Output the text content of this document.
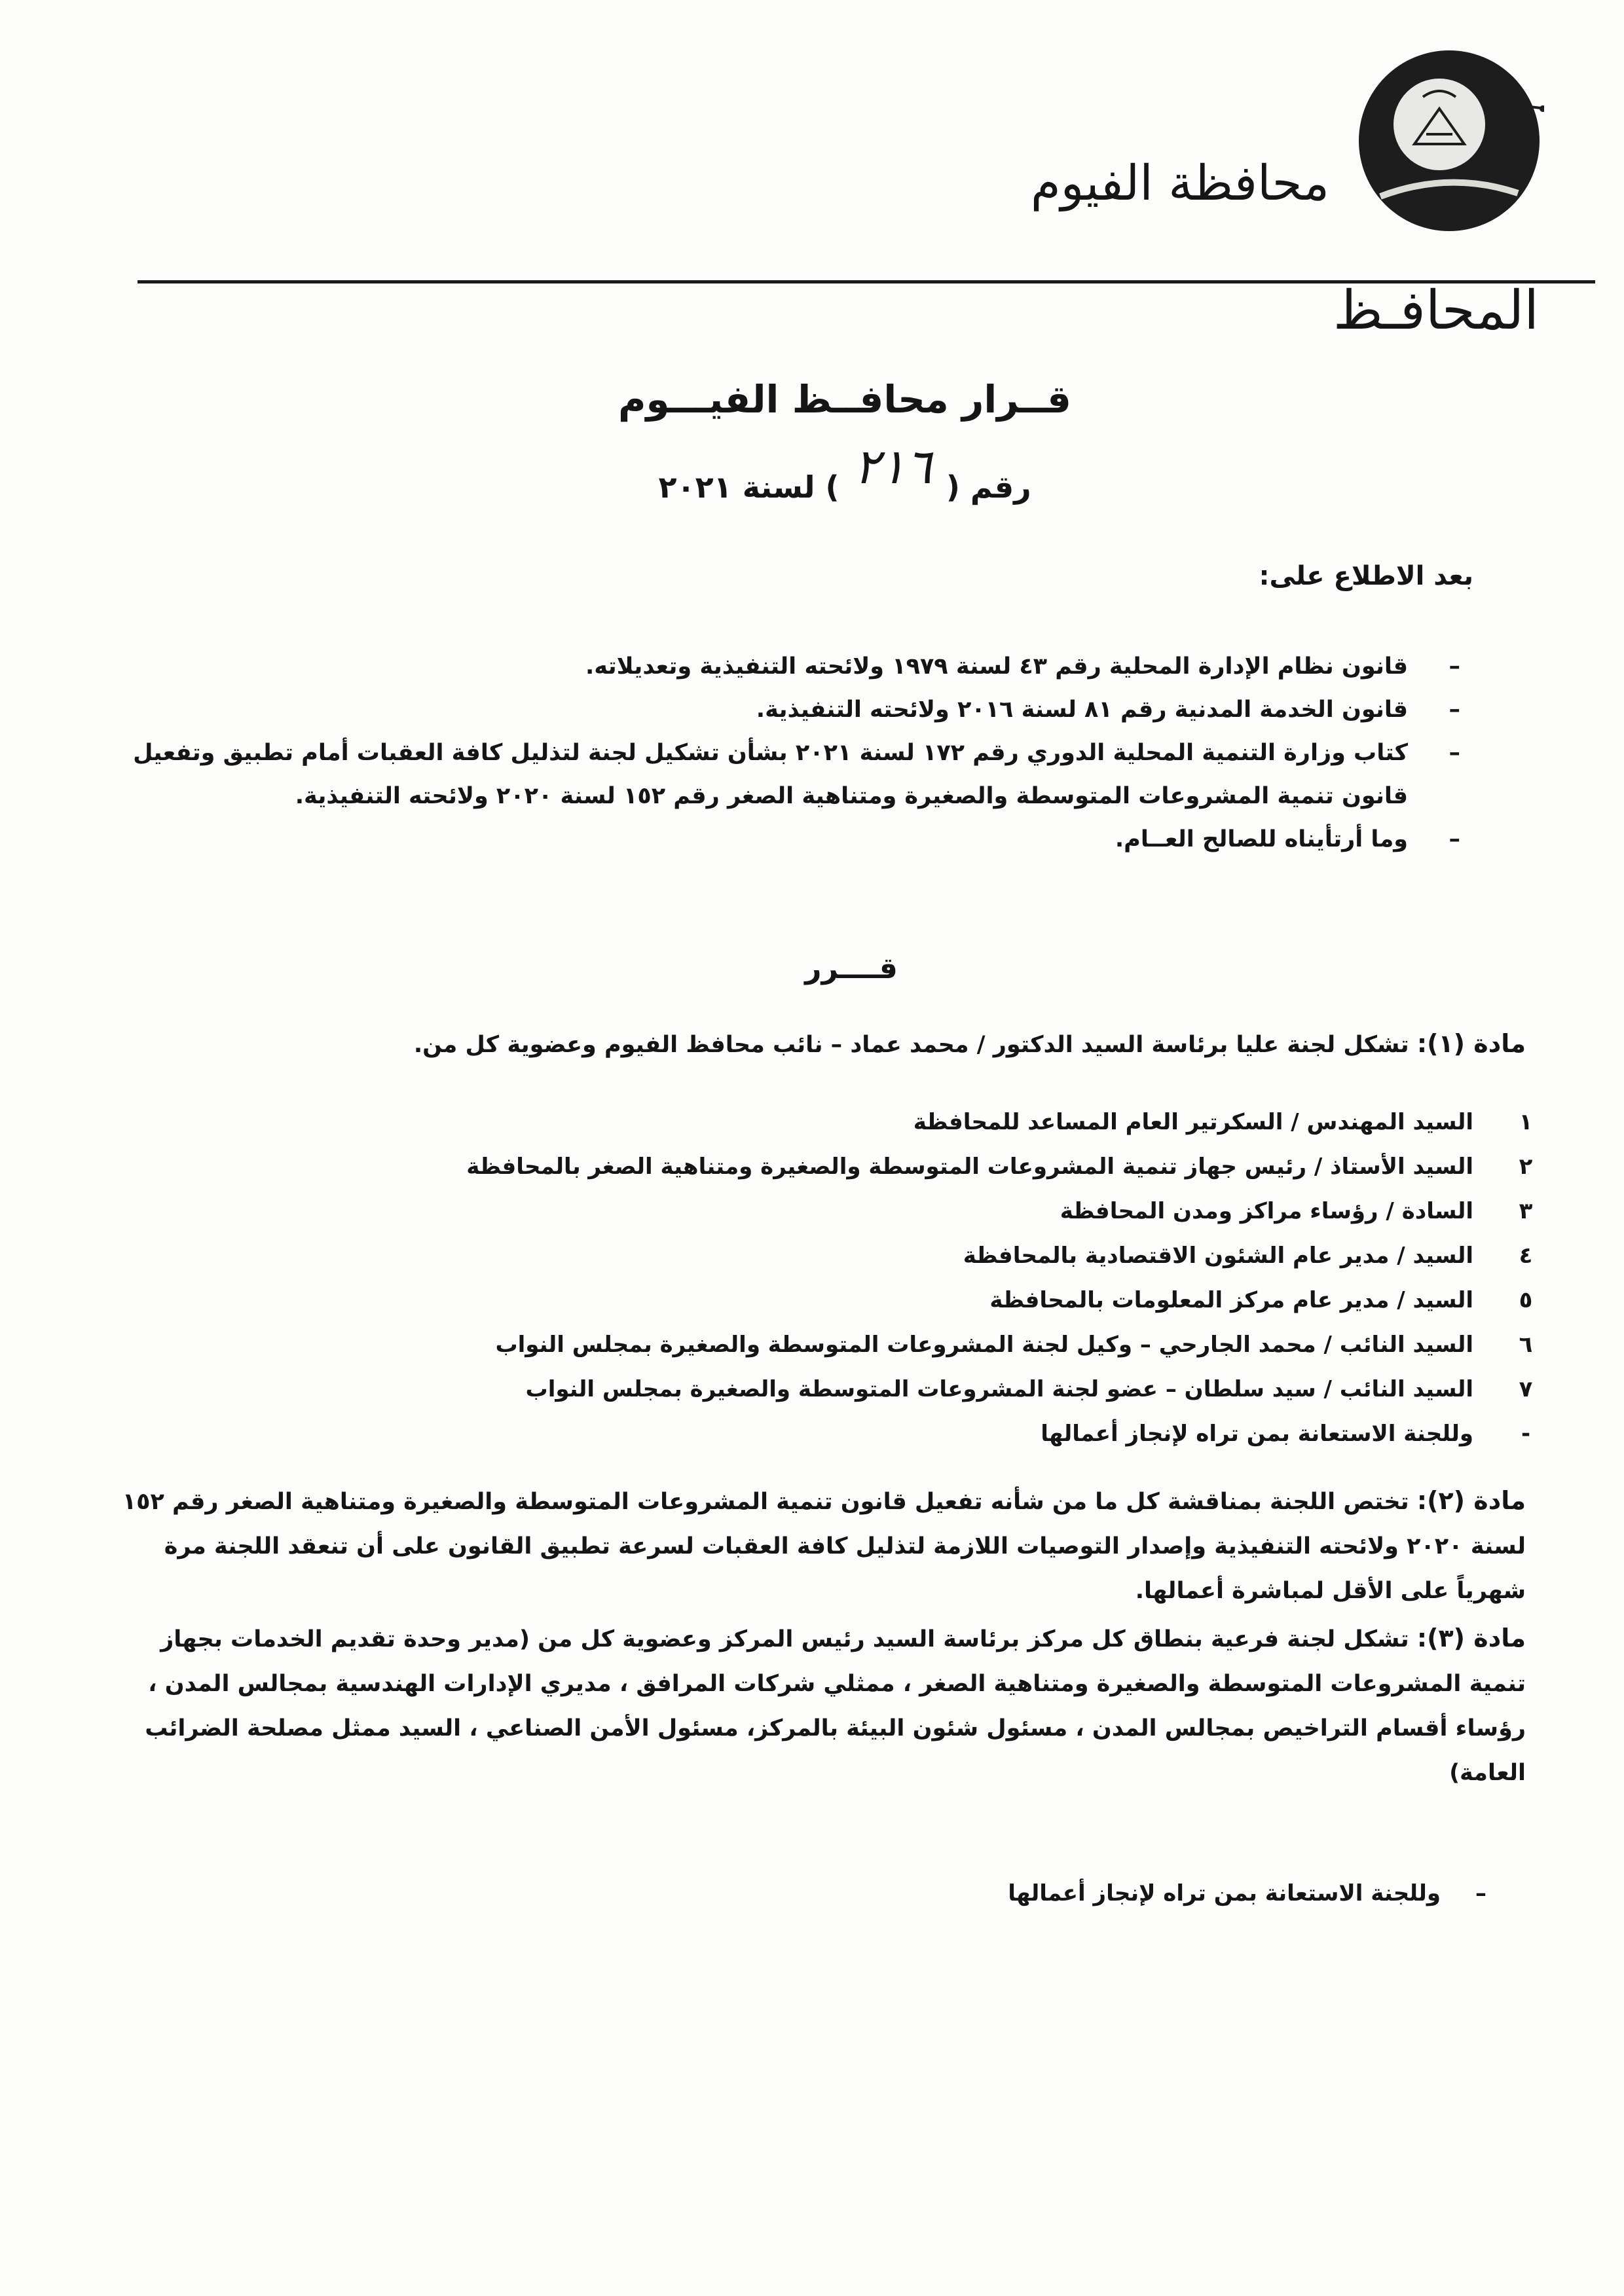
محافظة الفيوم
المحافـظ
قــرار محافــظ الفيـــوم
رقم ( ٢١٦ ) لسنة ٢٠٢١
بعد الاطلاع على:
– قانون نظام الإدارة المحلية رقم ٤٣ لسنة ١٩٧٩ ولائحته التنفيذية وتعديلاته.
– قانون الخدمة المدنية رقم ٨١ لسنة ٢٠١٦ ولائحته التنفيذية.
– كتاب وزارة التنمية المحلية الدوري رقم ١٧٢ لسنة ٢٠٢١ بشأن تشكيل لجنة لتذليل كافة العقبات أمام تطبيق وتفعيل قانون تنمية المشروعات المتوسطة والصغيرة ومتناهية الصغر رقم ١٥٢ لسنة ٢٠٢٠ ولائحته التنفيذية.
– وما أرتأيناه للصالح العــام.
قــــرر
مادة (١): تشكل لجنة عليا برئاسة السيد الدكتور / محمد عماد – نائب محافظ الفيوم وعضوية كل من.
١
السيد المهندس / السكرتير العام المساعد للمحافظة
٢
السيد الأستاذ / رئيس جهاز تنمية المشروعات المتوسطة والصغيرة ومتناهية الصغر بالمحافظة
٣
السادة / رؤساء مراكز ومدن المحافظة
٤
السيد / مدير عام الشئون الاقتصادية بالمحافظة
٥
السيد / مدير عام مركز المعلومات بالمحافظة
٦
السيد النائب / محمد الجارحي – وكيل لجنة المشروعات المتوسطة والصغيرة بمجلس النواب
٧
السيد النائب / سيد سلطان – عضو لجنة المشروعات المتوسطة والصغيرة بمجلس النواب
-
وللجنة الاستعانة بمن تراه لإنجاز أعمالها
مادة (٢): تختص اللجنة بمناقشة كل ما من شأنه تفعيل قانون تنمية المشروعات المتوسطة والصغيرة ومتناهية الصغر رقم ١٥٢ لسنة ٢٠٢٠ ولائحته التنفيذية وإصدار التوصيات اللازمة لتذليل كافة العقبات لسرعة تطبيق القانون على أن تنعقد اللجنة مرة شهرياً على الأقل لمباشرة أعمالها.
مادة (٣): تشكل لجنة فرعية بنطاق كل مركز برئاسة السيد رئيس المركز وعضوية كل من (مدير وحدة تقديم الخدمات بجهاز تنمية المشروعات المتوسطة والصغيرة ومتناهية الصغر ، ممثلي شركات المرافق ، مديري الإدارات الهندسية بمجالس المدن ، رؤساء أقسام التراخيص بمجالس المدن ، مسئول شئون البيئة بالمركز، مسئول الأمن الصناعي ، السيد ممثل مصلحة الضرائب العامة)
– وللجنة الاستعانة بمن تراه لإنجاز أعمالها
